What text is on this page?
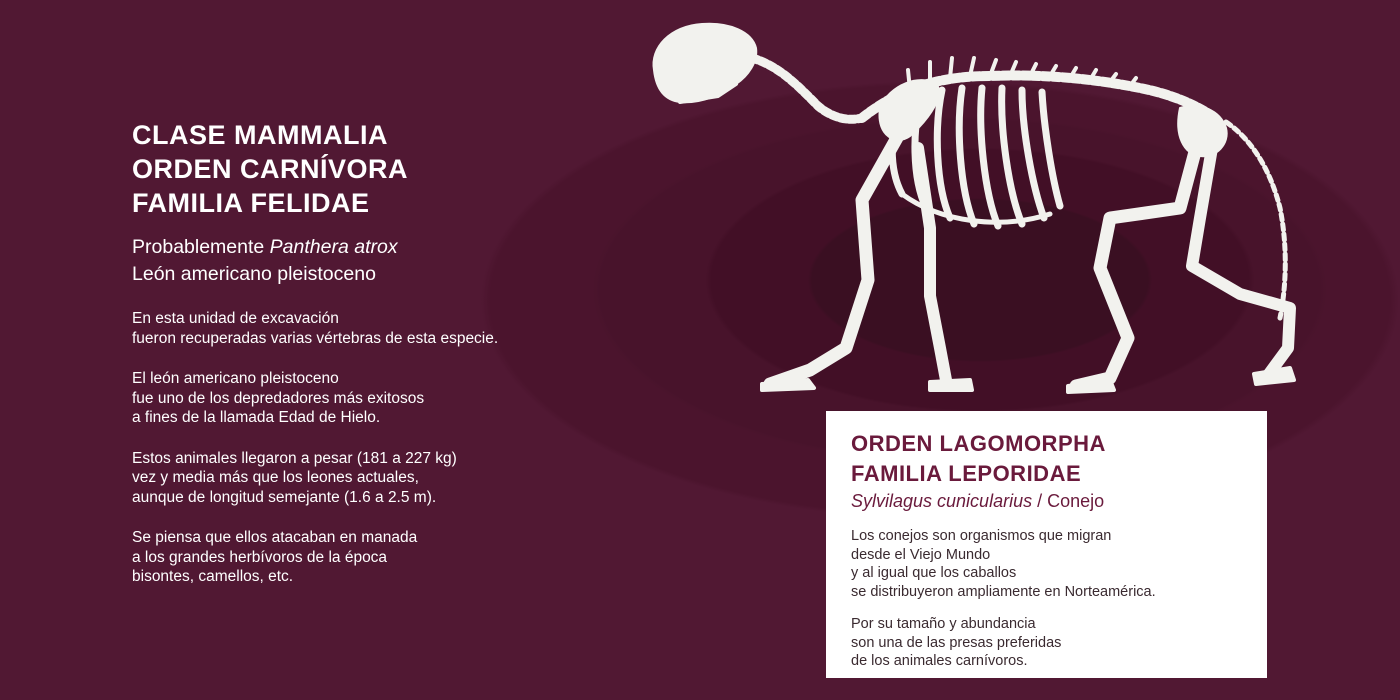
CLASE MAMMALIA
ORDEN CARNÍVORA
FAMILIA FELIDAE
Probablemente Panthera atrox
León americano pleistoceno
En esta unidad de excavación
fueron recuperadas varias vértebras de esta especie.
El león americano pleistoceno
fue uno de los depredadores más exitosos
a fines de la llamada Edad de Hielo.
Estos animales llegaron a pesar (181 a 227 kg)
vez y media más que los leones actuales,
aunque de longitud semejante (1.6 a 2.5 m).
Se piensa que ellos atacaban en manada
a los grandes herbívoros de la época
bisontes, camellos, etc.
ORDEN LAGOMORPHA
FAMILIA LEPORIDAE
Sylvilagus cunicularius / Conejo
Los conejos son organismos que migran
desde el Viejo Mundo
y al igual que los caballos
se distribuyeron ampliamente en Norteamérica.
Por su tamaño y abundancia
son una de las presas preferidas
de los animales carnívoros.
